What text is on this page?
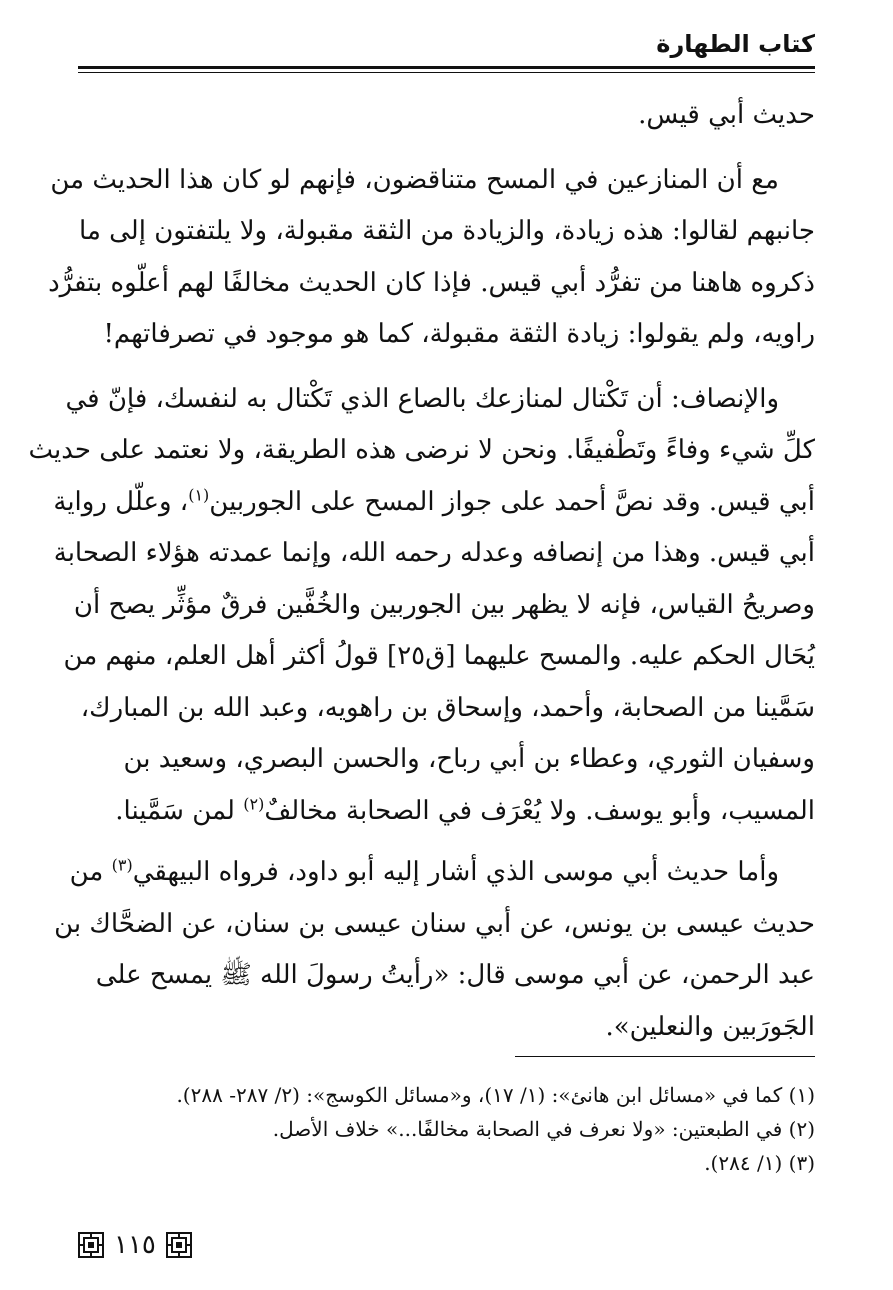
كتاب الطهارة
حديث أبي قيس.
مع أن المنازعين في المسح متناقضون، فإنهم لو كان هذا الحديث من
جانبهم لقالوا: هذه زيادة، والزيادة من الثقة مقبولة، ولا يلتفتون إلى ما
ذكروه هاهنا من تفرُّد أبي قيس. فإذا كان الحديث مخالفًا لهم أعلّوه بتفرُّد
راويه، ولم يقولوا: زيادة الثقة مقبولة، كما هو موجود في تصرفاتهم!
والإنصاف: أن تَكْتال لمنازعك بالصاع الذي تَكْتال به لنفسك، فإنّ في
كلِّ شيء وفاءً وتَطْفيفًا. ونحن لا نرضى هذه الطريقة، ولا نعتمد على حديث
أبي قيس. وقد نصَّ أحمد على جواز المسح على الجوربين$^{(١)}$، وعلّل رواية
أبي قيس. وهذا من إنصافه وعدله رحمه الله، وإنما عمدته هؤلاء الصحابة
وصريحُ القياس، فإنه لا يظهر بين الجوربين والخُفَّين فرقٌ مؤثِّر يصح أن
يُحَال الحكم عليه. والمسح عليهما [ق٢٥] قولُ أكثر أهل العلم، منهم من
سَمَّينا من الصحابة، وأحمد، وإسحاق بن راهويه، وعبد الله بن المبارك،
وسفيان الثوري، وعطاء بن أبي رباح، والحسن البصري، وسعيد بن
المسيب، وأبو يوسف. ولا يُعْرَف في الصحابة مخالفٌ$^{(٢)}$ لمن سَمَّينا.
وأما حديث أبي موسى الذي أشار إليه أبو داود، فرواه البيهقي$^{(٣)}$ من
حديث عيسى بن يونس، عن أبي سنان عيسى بن سنان، عن الضحَّاك بن
عبد الرحمن، عن أبي موسى قال: «رأيتُ رسولَ الله ﷺ يمسح على
الجَورَبين والنعلين».
(١) كما في «مسائل ابن هانئ»: (١/ ١٧)، و«مسائل الكوسج»: (٢/ ٢٨٧- ٢٨٨).
(٢) في الطبعتين: «ولا نعرف في الصحابة مخالفًا...» خلاف الأصل.
(٣) (١/ ٢٨٤).
١١٥
